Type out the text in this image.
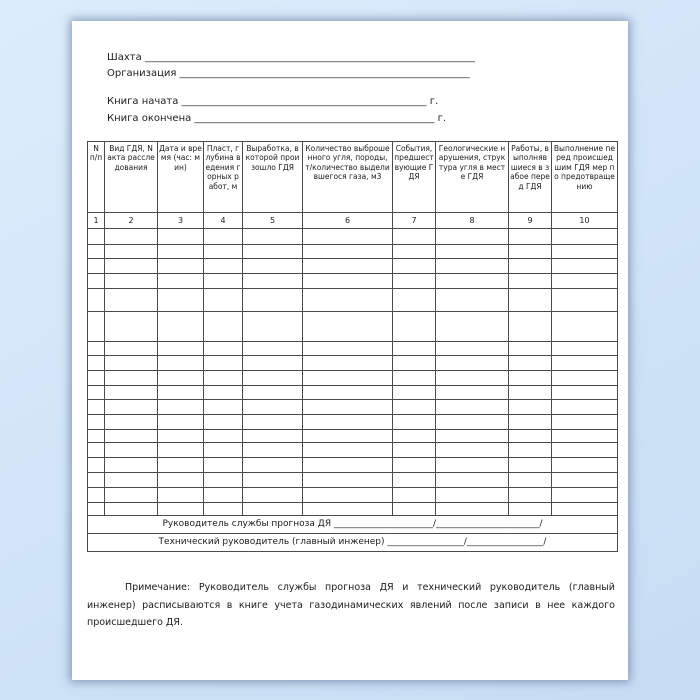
Шахта __________________________________________________________________
Организация __________________________________________________________
Книга начата _________________________________________________ г.
Книга окончена ________________________________________________ г.
N п/п	Вид ГДЯ, N акта расследования	Дата и время (час: мин)	Пласт, глубина ведения горных работ, м	Выработка, в которой произошло ГДЯ	Количество выброшенного угля, породы, т/количество выделившегося газа, м3	События, предшествующие ГДЯ	Геологические нарушения, структура угля в месте ГДЯ	Работы, выполнявшиеся в забое перед ГДЯ	Выполнение перед происшедшим ГДЯ мер по предотвращению
1	2	3	4	5	6	7	8	9	10

Руководитель службы прогноза ДЯ ______________________/_______________________/									
Технический руководитель (главный инженер) _________________/_________________/									
Примечание: Руководитель службы прогноза ДЯ и технический руководитель (главный инженер) расписываются в книге учета газодинамических явлений после записи в нее каждого происшедшего ДЯ.
